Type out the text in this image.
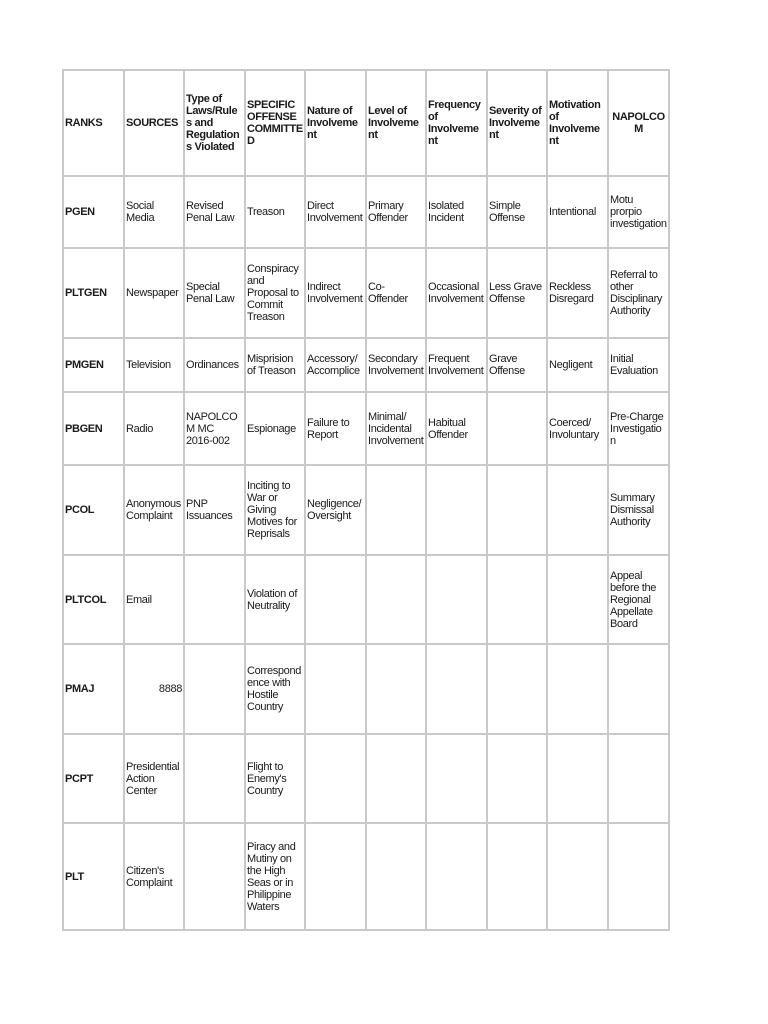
RANKS	SOURCES	Type of Laws/Rules and Regulations Violated	SPECIFIC OFFENSE COMMITTED	Nature of Involvement	Level of Involvement	Frequency of Involvement	Severity of Involvement	Motivation of Involvement	NAPOLCOM
PGEN	Social Media	Revised Penal Law	Treason	Direct Involvement	Primary Offender	Isolated Incident	Simple Offense	Intentional	Motu prorpio investigation
PLTGEN	Newspaper	Special Penal Law	Conspiracy and Proposal to Commit Treason	Indirect Involvement	Co-Offender	Occasional Involvement	Less Grave Offense	Reckless Disregard	Referral to other Disciplinary Authority
PMGEN	Television	Ordinances	Misprision of Treason	Accessory/ Accomplice	Secondary Involvement	Frequent Involvement	Grave Offense	Negligent	Initial Evaluation
PBGEN	Radio	NAPOLCOM MC 2016-002	Espionage	Failure to Report	Minimal/ Incidental Involvement	Habitual Offender		Coerced/ Involuntary	Pre-Charge Investigation
PCOL	Anonymous Complaint	PNP Issuances	Inciting to War or Giving Motives for Reprisals	Negligence/ Oversight					Summary Dismissal Authority
PLTCOL	Email		Violation of Neutrality						Appeal before the Regional Appellate Board
PMAJ	8888		Correspondence with Hostile Country						
PCPT	Presidential Action Center		Flight to Enemy's Country						
PLT	Citizen's Complaint		Piracy and Mutiny on the High Seas or in Philippine Waters						
